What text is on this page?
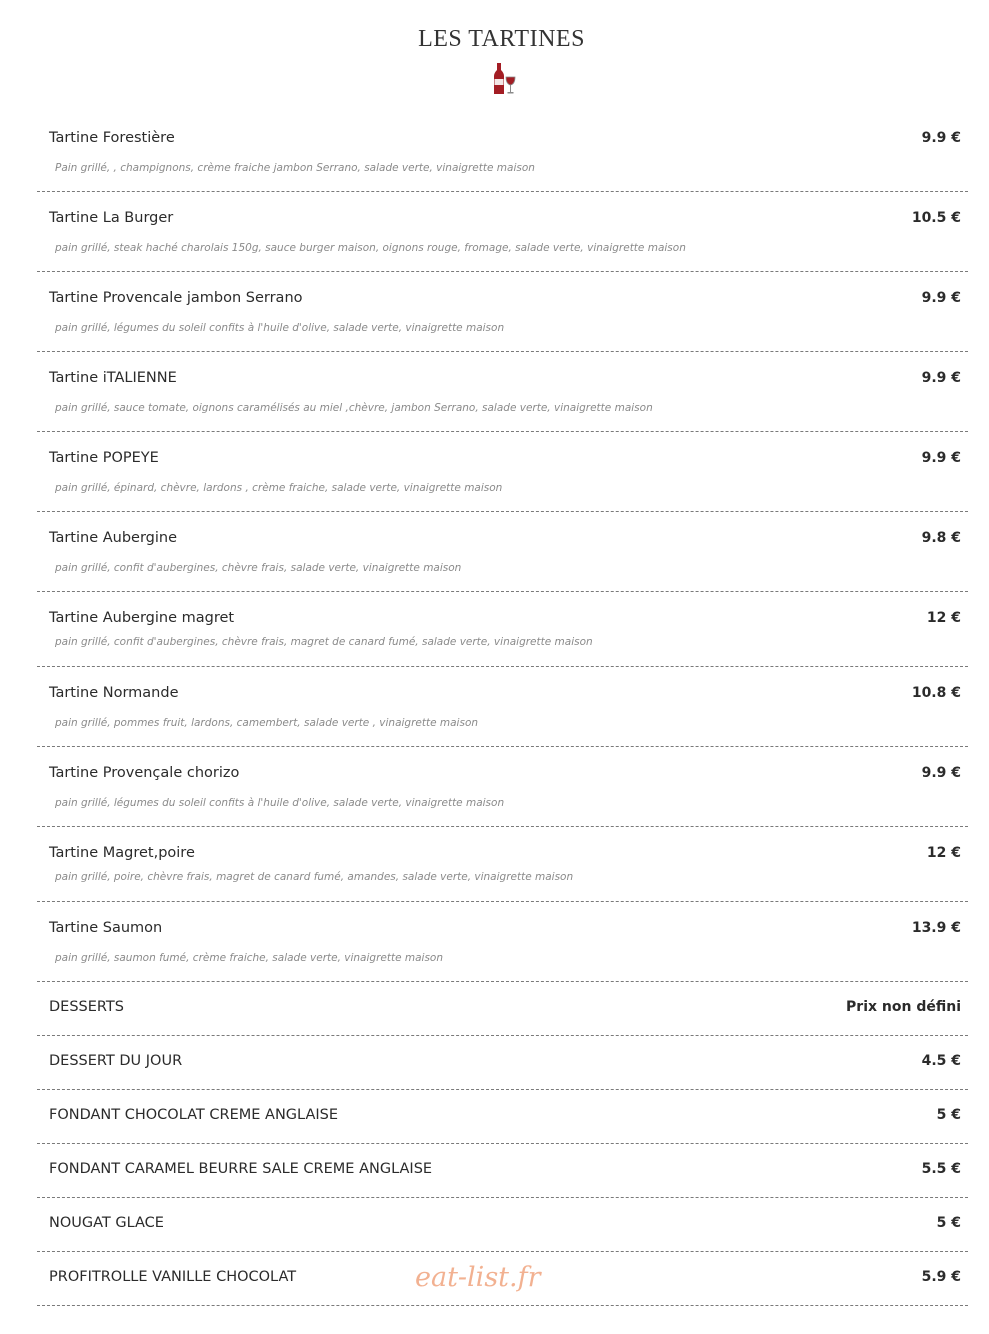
LES TARTINES
Tartine Forestière	9.9 €
Pain grillé, , champignons, crème fraiche jambon Serrano, salade verte, vinaigrette maison
Tartine La Burger	10.5 €
pain grillé, steak haché charolais 150g, sauce burger maison, oignons rouge, fromage, salade verte, vinaigrette maison
Tartine Provencale jambon Serrano	9.9 €
pain grillé, légumes du soleil confits à l'huile d'olive, salade verte, vinaigrette maison
Tartine iTALIENNE	9.9 €
pain grillé, sauce tomate, oignons caramélisés au miel ,chèvre, jambon Serrano, salade verte, vinaigrette maison
Tartine POPEYE	9.9 €
pain grillé, épinard, chèvre, lardons , crème fraiche, salade verte, vinaigrette maison
Tartine Aubergine	9.8 €
pain grillé, confit d'aubergines, chèvre frais, salade verte, vinaigrette maison
Tartine Aubergine magret	12 €
pain grillé, confit d'aubergines, chèvre frais, magret de canard fumé, salade verte, vinaigrette maison
Tartine Normande	10.8 €
pain grillé, pommes fruit, lardons, camembert, salade verte , vinaigrette maison
Tartine Provençale chorizo	9.9 €
pain grillé, légumes du soleil confits à l'huile d'olive, salade verte, vinaigrette maison
Tartine Magret,poire	12 €
pain grillé, poire, chèvre frais, magret de canard fumé, amandes, salade verte, vinaigrette maison
Tartine Saumon	13.9 €
pain grillé, saumon fumé, crème fraiche, salade verte, vinaigrette maison
DESSERTS	Prix non défini
DESSERT DU JOUR	4.5 €
FONDANT CHOCOLAT CREME ANGLAISE	5 €
FONDANT CARAMEL BEURRE SALE CREME ANGLAISE	5.5 €
NOUGAT GLACE	5 €
PROFITROLLE VANILLE CHOCOLAT	5.9 €
eat-list.fr
